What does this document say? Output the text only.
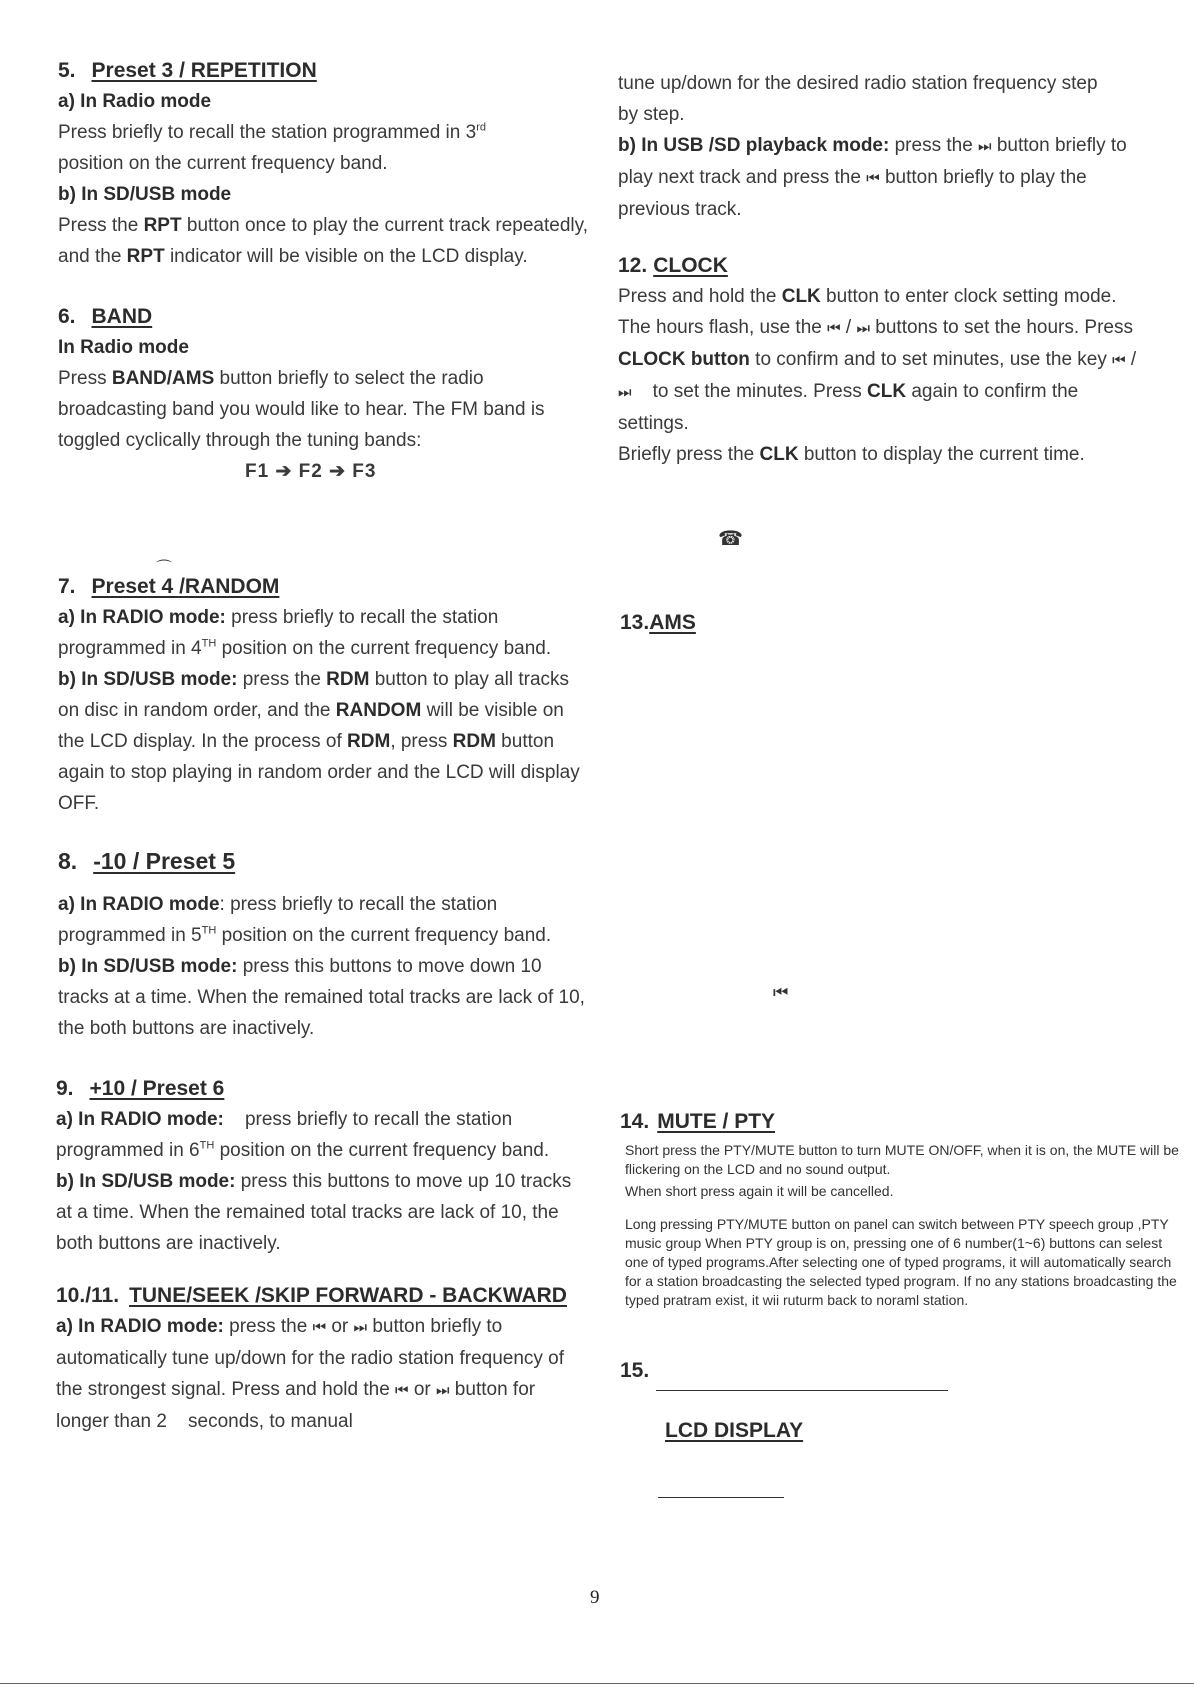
5. Preset 3 / REPETITION
a) In Radio mode
Press briefly to recall the station programmed in 3rd
position on the current frequency band.
b) In SD/USB mode
Press the RPT button once to play the current track repeatedly, and the RPT indicator will be visible on the LCD display.
6. BAND
In Radio mode
Press BAND/AMS button briefly to select the radio broadcasting band you would like to hear. The FM band is toggled cyclically through the tuning bands:
F1 ➔ F2 ➔ F3
7. Preset 4 /RANDOM
a) In RADIO mode: press briefly to recall the station programmed in 4TH position on the current frequency band.
b) In SD/USB mode: press the RDM button to play all tracks on disc in random order, and the RANDOM will be visible on the LCD display. In the process of RDM, press RDM button again to stop playing in random order and the LCD will display OFF.
8. -10 / Preset 5
a) In RADIO mode: press briefly to recall the station programmed in 5TH position on the current frequency band.
b) In SD/USB mode: press this buttons to move down 10 tracks at a time. When the remained total tracks are lack of 10, the both buttons are inactively.
9. +10 / Preset 6
a) In RADIO mode:    press briefly to recall the station programmed in 6TH position on the current frequency band.
b) In SD/USB mode: press this buttons to move up 10 tracks at a time. When the remained total tracks are lack of 10, the both buttons are inactively.
10./11. TUNE/SEEK /SKIP FORWARD - BACKWARD
a) In RADIO mode: press the ⏮ or ⏭ button briefly to automatically tune up/down for the radio station frequency of the strongest signal. Press and hold the ⏮ or ⏭ button for longer than 2    seconds, to manual
tune up/down for the desired radio station frequency step by step.
b) In USB /SD playback mode: press the ⏭ button briefly to play next track and press the ⏮ button briefly to play the previous track.
12. CLOCK
Press and hold the CLK button to enter clock setting mode. The hours flash, use the ⏮ / ⏭ buttons to set the hours. Press CLOCK button to confirm and to set minutes, use the key ⏮ / ⏭    to set the minutes. Press CLK again to confirm the settings.
Briefly press the CLK button to display the current time.
13.AMS
14. MUTE / PTY
Short press the PTY/MUTE button to turn MUTE ON/OFF, when it is on, the MUTE will be flickering on the LCD and no sound output.
When short press again it will be cancelled.
Long pressing PTY/MUTE button on panel can switch between PTY speech group ,PTY music group When PTY group is on, pressing one of 6 number(1~6) buttons can selest one of typed programs.After selecting one of typed programs, it will automatically search for a station broadcasting the selected typed program. If no any stations broadcasting the typed pratram exist, it wii ruturm back to noraml station.
15.
LCD DISPLAY
⌒
☎
⏮
9
